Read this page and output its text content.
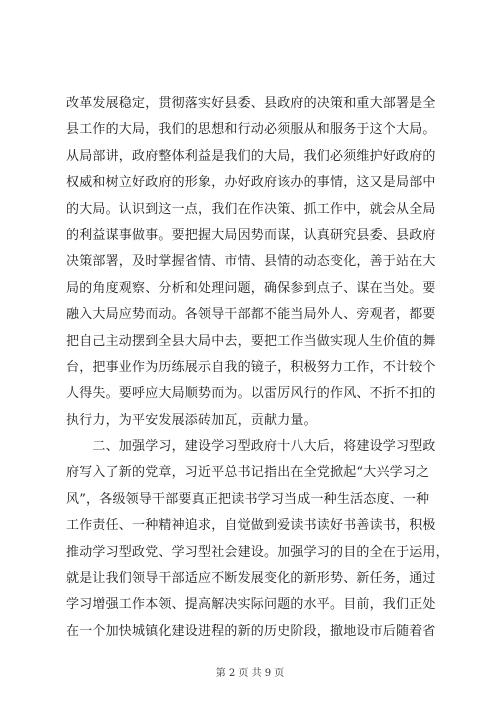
改革发展稳定，贯彻落实好县委、县政府的决策和重大部署是全
县工作的大局，我们的思想和行动必须服从和服务于这个大局。
从局部讲，政府整体利益是我们的大局，我们必须维护好政府的
权威和树立好政府的形象，办好政府该办的事情，这又是局部中
的大局。认识到这一点，我们在作决策、抓工作中，就会从全局
的利益谋事做事。要把握大局因势而谋，认真研究县委、县政府
决策部署，及时掌握省情、市情、县情的动态变化，善于站在大
局的角度观察、分析和处理问题，确保参到点子、谋在当处。要
融入大局应势而动。各领导干部都不能当局外人、旁观者，都要
把自己主动摆到全县大局中去，要把工作当做实现人生价值的舞
台，把事业作为历练展示自我的镜子，积极努力工作，不计较个
人得失。要呼应大局顺势而为。以雷厉风行的作风、不折不扣的
执行力，为平安发展添砖加瓦，贡献力量。
　　二、加强学习，建设学习型政府十八大后，将建设学习型政
府写入了新的党章，习近平总书记指出在全党掀起“大兴学习之
风”，各级领导干部要真正把读书学习当成一种生活态度、一种
工作责任、一种精神追求，自觉做到爱读书读好书善读书，积极
推动学习型政党、学习型社会建设。加强学习的目的全在于运用，
就是让我们领导干部适应不断发展变化的新形势、新任务，通过
学习增强工作本领、提高解决实际问题的水平。目前，我们正处
在一个加快城镇化建设进程的新的历史阶段，撤地设市后随着省
第 2 页 共 9 页
